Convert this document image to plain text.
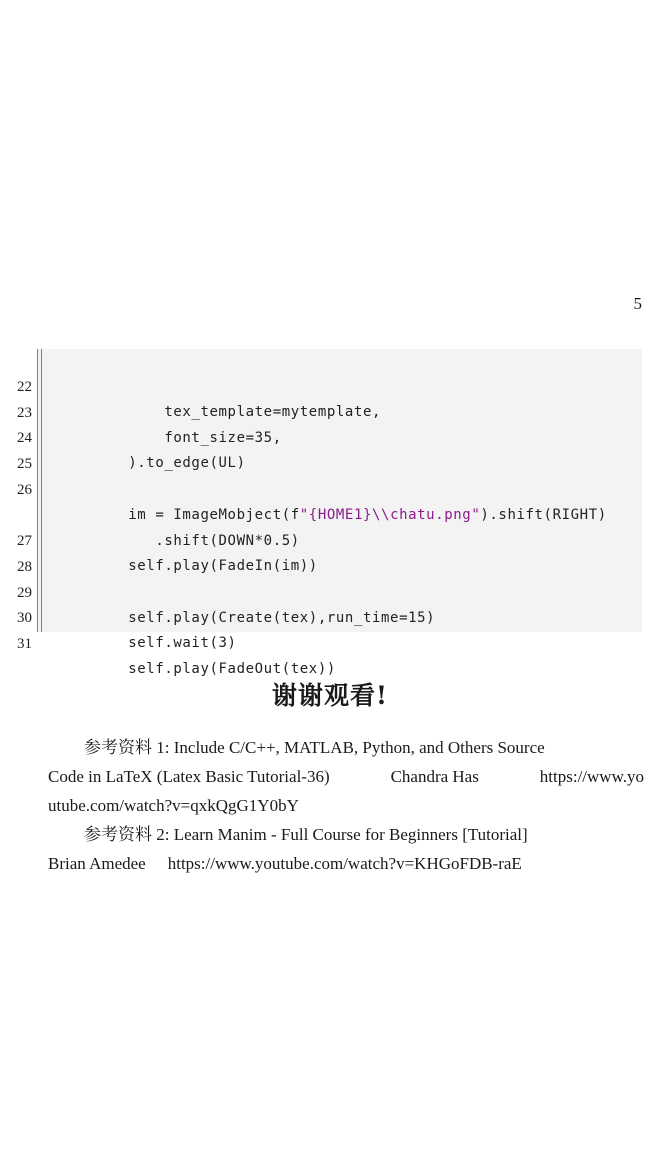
5

22

tex_template=mytemplate,

23

font_size=35,

24

).to_edge(UL)

25

26

im = ImageMobject(f"{HOME1}\\chatu.png").shift(RIGHT)

.shift(DOWN*0.5)

27

self.play(FadeIn(im))

28

29

self.play(Create(tex),run_time=15)

30

self.wait(3)

31

self.play(FadeOut(tex))

谢谢观看!
参考资料 1: Include C/C++, MATLAB, Python, and Others Source
Code in LaTeX (Latex Basic Tutorial-36)	Chandra Has	https://www.yo
utube.com/watch?v=qxkQgG1Y0bY
参考资料 2: Learn Manim - Full Course for Beginners [Tutorial]
Brian Amedee https://www.youtube.com/watch?v=KHGoFDB-raE
